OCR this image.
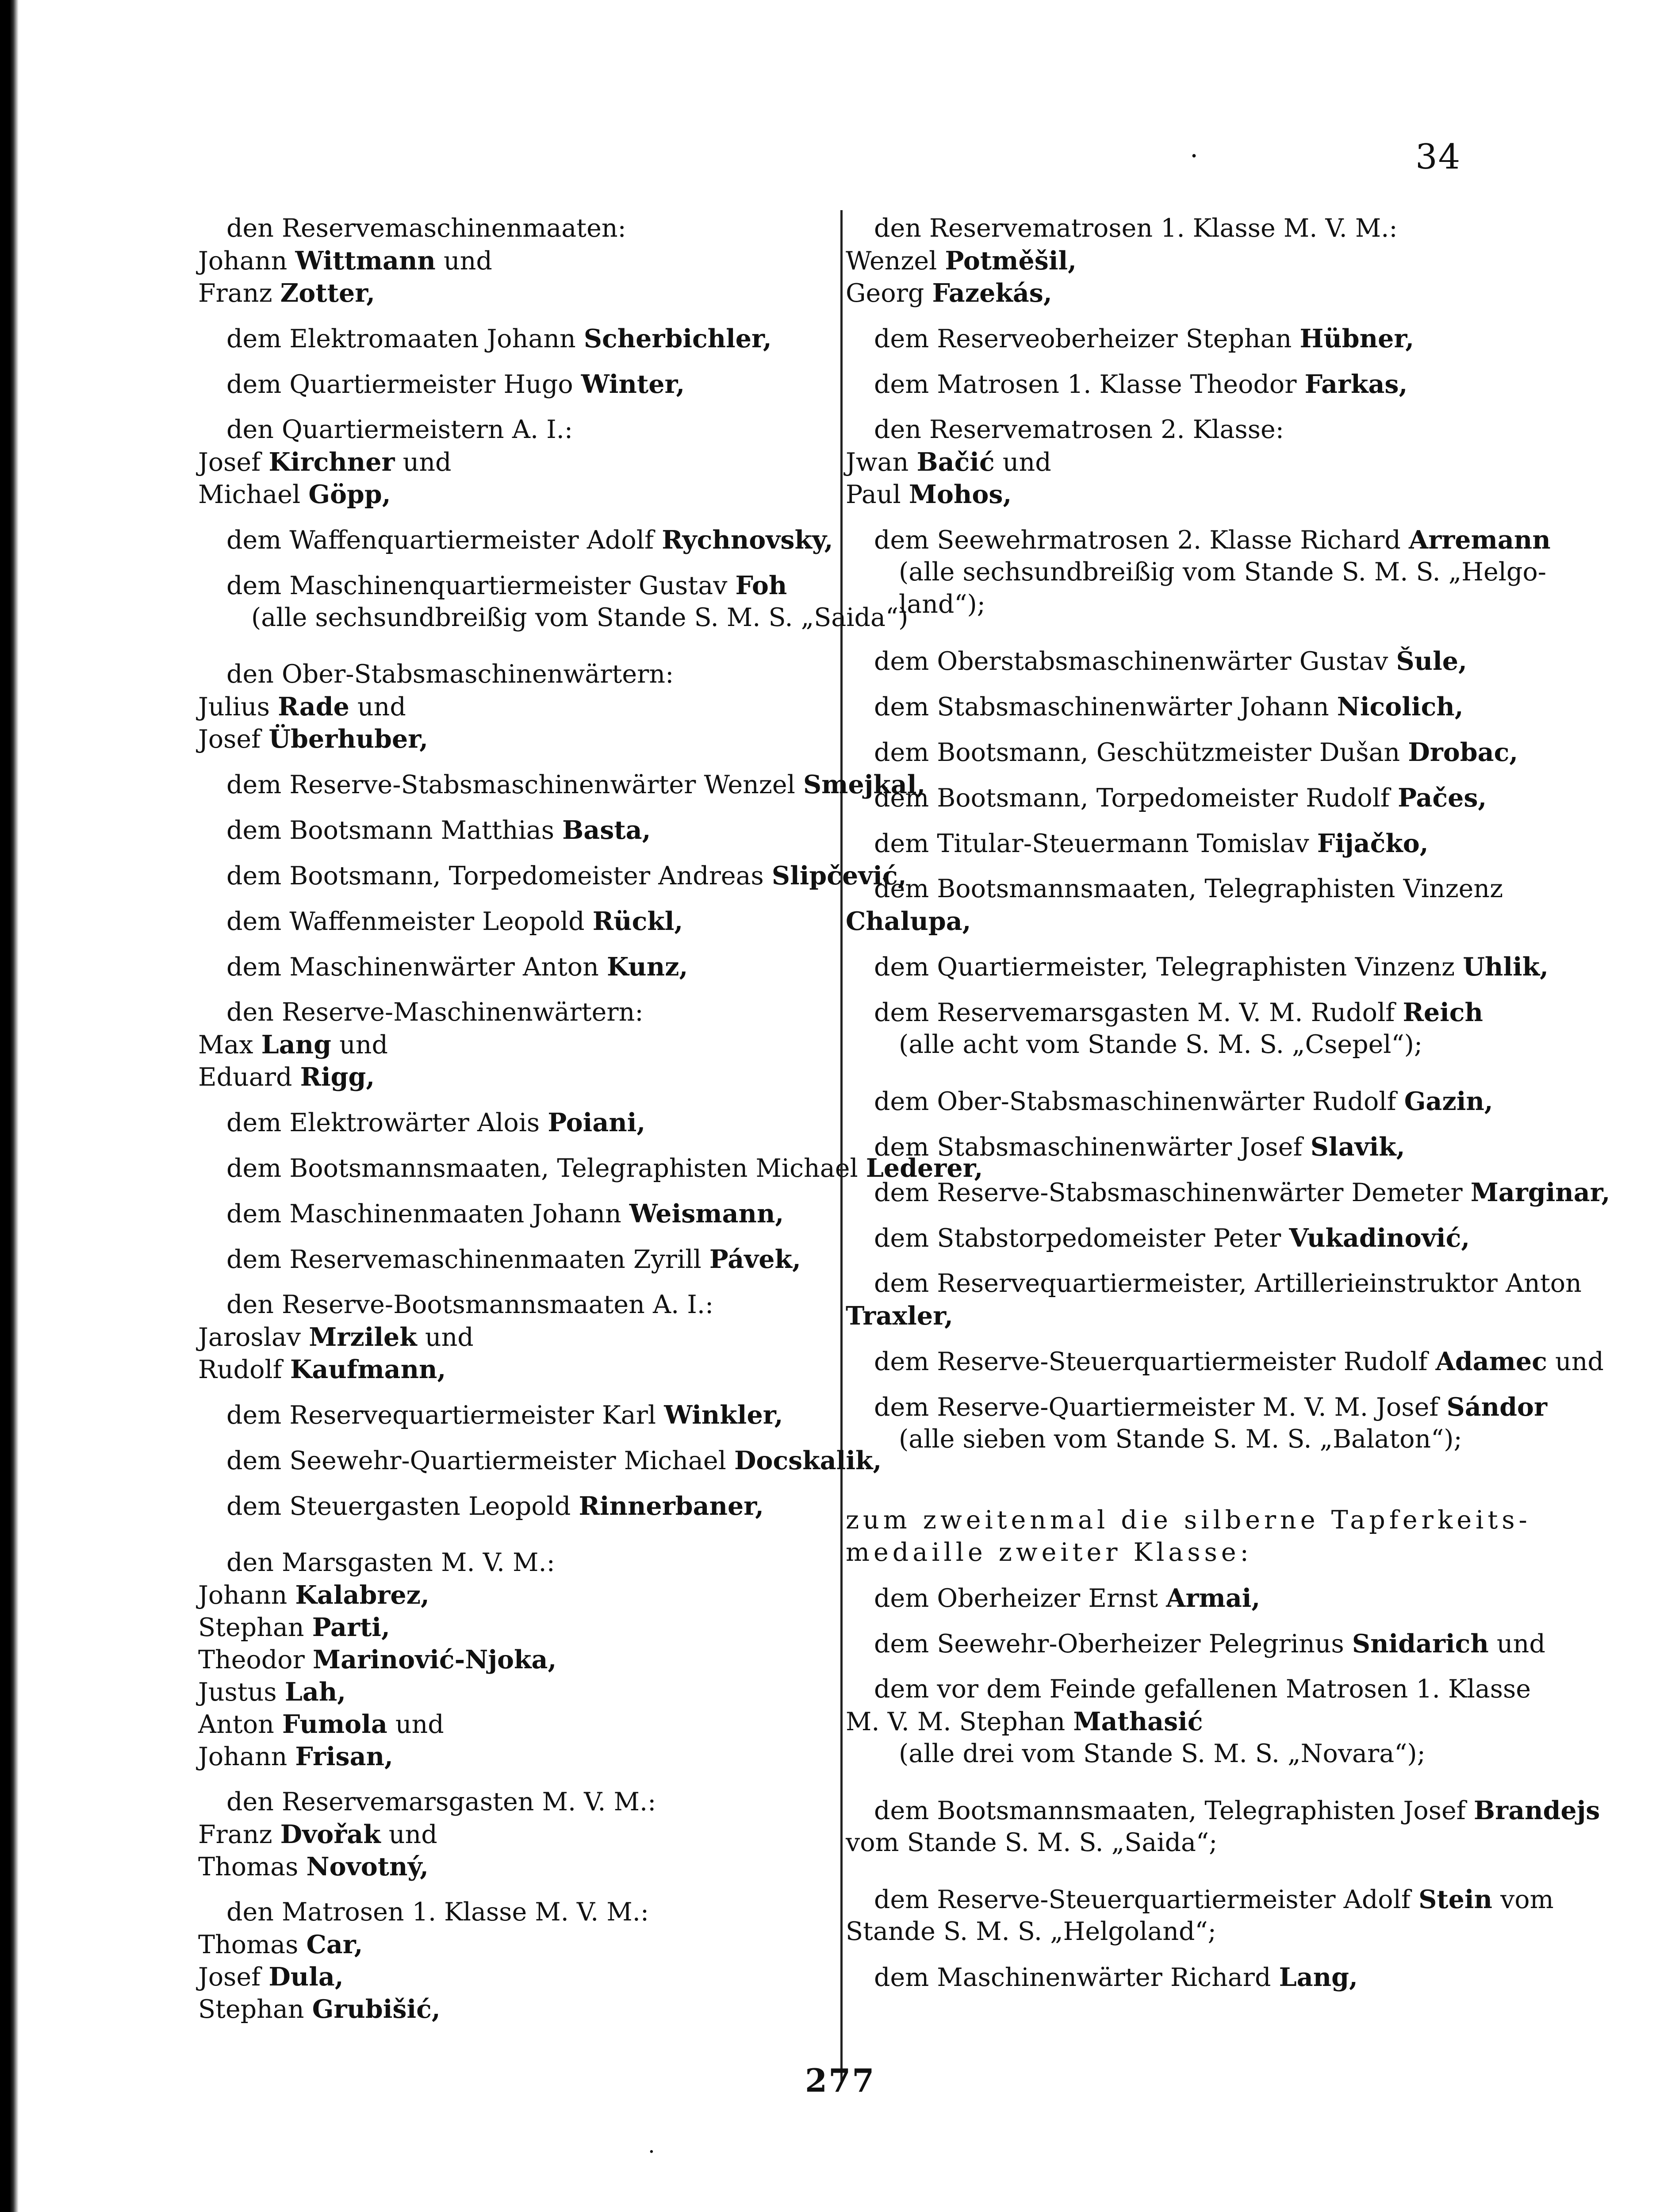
.	34
den Reservemaschinenmaaten:
Johann Wittmann und
Franz Zotter,
dem Elektromaaten Johann Scherbichler,
dem Quartiermeister Hugo Winter,
den Quartiermeistern A. I.:
Josef Kirchner und
Michael Göpp,
dem Waffenquartiermeister Adolf Rychnovsky,
dem Maschinenquartiermeister Gustav Foh
(alle sechsundbreißig vom Stande S. M. S. „Saida“)
den Ober-Stabsmaschinenwärtern:
Julius Rade und
Josef Überhuber,
dem Reserve-Stabsmaschinenwärter Wenzel Smejkal,
dem Bootsmann Matthias Basta,
dem Bootsmann, Torpedomeister Andreas Slipčević,
dem Waffenmeister Leopold Rückl,
dem Maschinenwärter Anton Kunz,
den Reserve-Maschinenwärtern:
Max Lang und
Eduard Rigg,
dem Elektrowärter Alois Poiani,
dem Bootsmannsmaaten, Telegraphisten Michael Lederer,
dem Maschinenmaaten Johann Weismann,
dem Reservemaschinenmaaten Zyrill Pávek,
den Reserve-Bootsmannsmaaten A. I.:
Jaroslav Mrzilek und
Rudolf Kaufmann,
dem Reservequartiermeister Karl Winkler,
dem Seewehr-Quartiermeister Michael Docskalik,
dem Steuergasten Leopold Rinnerbaner,
den Marsgasten M. V. M.:
Johann Kalabrez,
Stephan Parti,
Theodor Marinović-Njoka,
Justus Lah,
Anton Fumola und
Johann Frisan,
den Reservemarsgasten M. V. M.:
Franz Dvořak und
Thomas Novotný,
den Matrosen 1. Klasse M. V. M.:
Thomas Car,
Josef Dula,
Stephan Grubišić,
den Reservematrosen 1. Klasse M. V. M.:
Wenzel Potměšil,
Georg Fazekás,
dem Reserveoberheizer Stephan Hübner,
dem Matrosen 1. Klasse Theodor Farkas,
den Reservematrosen 2. Klasse:
Jwan Bačić und
Paul Mohos,
dem Seewehrmatrosen 2. Klasse Richard Arremann
(alle sechsundbreißig vom Stande S. M. S. „Helgo-
land“);
dem Oberstabsmaschinenwärter Gustav Šule,
dem Stabsmaschinenwärter Johann Nicolich,
dem Bootsmann, Geschützmeister Dušan Drobac,
dem Bootsmann, Torpedomeister Rudolf Pačes,
dem Titular-Steuermann Tomislav Fijačko,
dem Bootsmannsmaaten, Telegraphisten Vinzenz
Chalupa,
dem Quartiermeister, Telegraphisten Vinzenz Uhlik,
dem Reservemarsgasten M. V. M. Rudolf Reich
(alle acht vom Stande S. M. S. „Csepel“);
dem Ober-Stabsmaschinenwärter Rudolf Gazin,
dem Stabsmaschinenwärter Josef Slavik,
dem Reserve-Stabsmaschinenwärter Demeter Marginar,
dem Stabstorpedomeister Peter Vukadinović,
dem Reservequartiermeister, Artillerieinstruktor Anton
Traxler,
dem Reserve-Steuerquartiermeister Rudolf Adamec und
dem Reserve-Quartiermeister M. V. M. Josef Sándor
(alle sieben vom Stande S. M. S. „Balaton“);
zum zweitenmal die silberne Tapferkeits-
medaille zweiter Klasse:
dem Oberheizer Ernst Armai,
dem Seewehr-Oberheizer Pelegrinus Snidarich und
dem vor dem Feinde gefallenen Matrosen 1. Klasse
M. V. M. Stephan Mathasić
(alle drei vom Stande S. M. S. „Novara“);
dem Bootsmannsmaaten, Telegraphisten Josef Brandejs
vom Stande S. M. S. „Saida“;
dem Reserve-Steuerquartiermeister Adolf Stein vom
Stande S. M. S. „Helgoland“;
dem Maschinenwärter Richard Lang,
277
.
